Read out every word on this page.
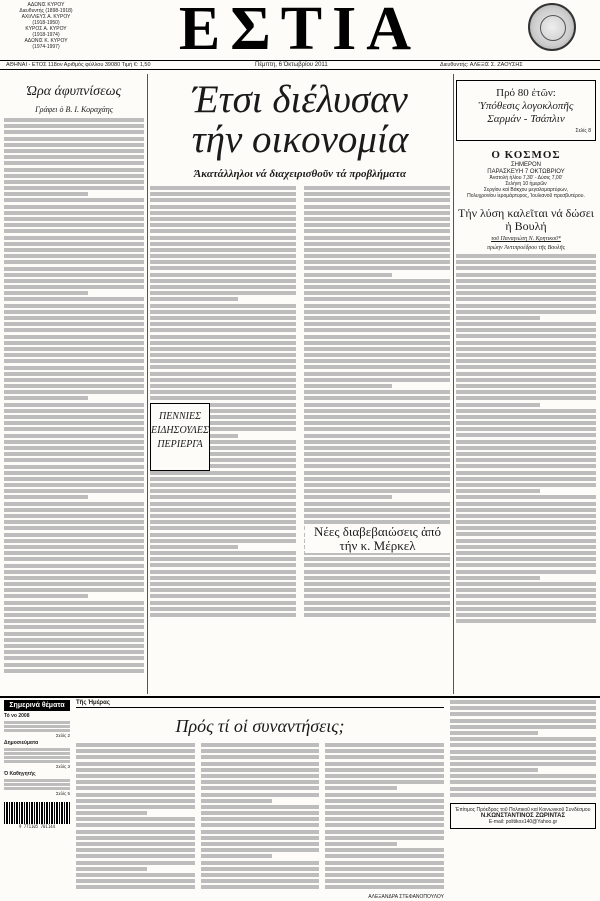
ΑΔΩΝΙΣ ΚΥΡΟΥ
Διευθυντής (1898-1918)
ΑΧΙΛΛΕΥΣ Α. ΚΥΡΟΥ
(1918-1950)
ΚΥΡΟΣ Α. ΚΥΡΟΥ
(1918-1974)
ΑΔΩΝΙΣ Κ. ΚΥΡΟΥ
(1974-1997)	ΕΣΤΙΑ
ΑΘΗΝΑΙ - ΕΤΟΣ 118ον Αριθμός φύλλου 39080 Τιμή €: 1,50	Πέμπτη, 6 Όκτωβρίου 2011	Διευθυντής: ΑΛΕΞΙΣ Σ. ΖΑΟΥΣΗΣ
Ώρα άφυπνίσεως
Γράφει ὁ Β. Ι. Κοραχάης	Έτσι διέλυσαν
τήν οικονομία
Άκατάλληλοι νά διαχειρισθοῦν τά προβλήματα
ΠΕΝΝΙΕΣ
ΕΙΔΗΣΟΥΛΕΣ
ΠΕΡΙΕΡΓΑ
Νέες διαβεβαιώσεις ἀπό τήν κ. Μέρκελ
Πρό 80 ἐτῶν:
Ὑπόθεσις λογοκλοπῆς Σαρμάν - Τσάπλιν
Σελίς 8
Ο ΚΟΣΜΟΣ
ΣΗΜΕΡΟΝ
ΠΑΡΑΣΚΕΥΗ 7 ΟΚΤΩΒΡΙΟΥ
Ἀνατολή ἡλίου 7,30' - Δύσις 7,00'
Σελήνη 10 ἡμερῶν
Σεργίου καί Βάκχου μεγαλομαρτύρων,
Πολυχρονίου ἱερομάρτυρος, Ἰουλιανοῦ πρεσβυτέρου.
Τήν λύση καλεῖται νά δώσει ἡ Βουλή
τοῦ Παναγιώτη Ν. Κρητικοῦ*
πρώην Ἀντιπροέδρου τῆς Βουλῆς
Σημερινά θέματα
Τό νο 2008
Σελίς 2
Δημοσιεύματα
Σελίς 3
Ὁ Καθηγητής
Σελίς 5
9 771105 701144
Τῆς Ἡμέρας
Πρός τί οἱ συναντήσεις;
ΑΛΕΞΑΝΔΡΑ ΣΤΕΦΑΝΟΠΟΥΛΟΥ
Ἐπίτιμος Πρόεδρος τοῦ Πολιτικοῦ καί Κοινωνικοῦ Συνδέσμου
Ν.ΚΩΝΣΤΑΝΤΙΝΟΣ ΖΩΡΙΝΤΑΣ
Ε-mail: politikos140@Yahoo.gr
